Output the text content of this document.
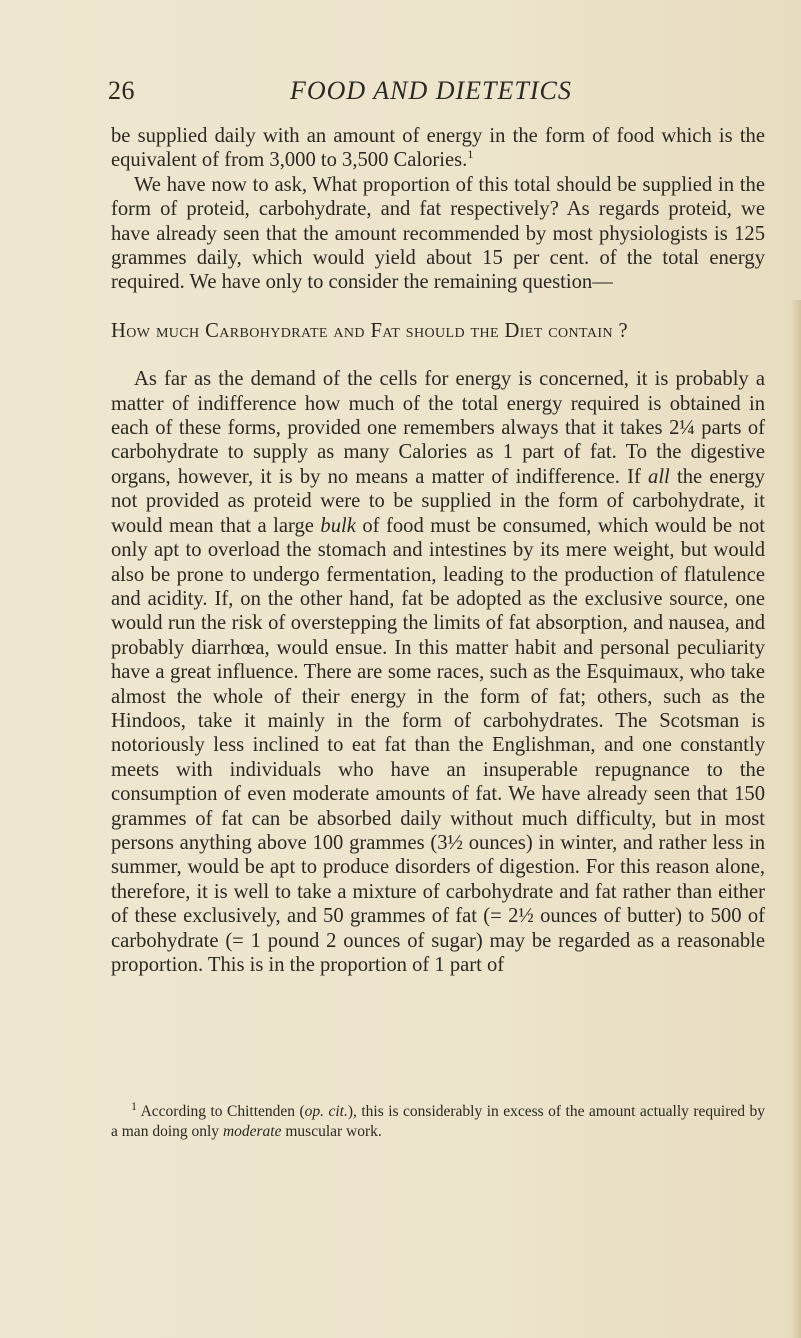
26	FOOD AND DIETETICS

be supplied daily with an amount of energy in the form of food which is the equivalent of from 3,000 to 3,500 Calories.$^1$

We have now to ask, What proportion of this total should be supplied in the form of proteid, carbohydrate, and fat respectively? As regards proteid, we have already seen that the amount recommended by most physiologists is 125 grammes daily, which would yield about 15 per cent. of the total energy required. We have only to consider the remaining question—

How much Carbohydrate and Fat should the Diet contain ?

As far as the demand of the cells for energy is concerned, it is probably a matter of indifference how much of the total energy required is obtained in each of these forms, provided one remembers always that it takes 2¼ parts of carbohydrate to supply as many Calories as 1 part of fat. To the digestive organs, however, it is by no means a matter of indifference. If all the energy not provided as proteid were to be supplied in the form of carbohydrate, it would mean that a large bulk of food must be consumed, which would be not only apt to overload the stomach and intestines by its mere weight, but would also be prone to undergo fermentation, leading to the production of flatulence and acidity. If, on the other hand, fat be adopted as the exclusive source, one would run the risk of overstepping the limits of fat absorption, and nausea, and probably diarrhœa, would ensue. In this matter habit and personal peculiarity have a great influence. There are some races, such as the Esquimaux, who take almost the whole of their energy in the form of fat; others, such as the Hindoos, take it mainly in the form of carbohydrates. The Scotsman is notoriously less inclined to eat fat than the Englishman, and one constantly meets with individuals who have an insuperable repugnance to the consumption of even moderate amounts of fat. We have already seen that 150 grammes of fat can be absorbed daily without much difficulty, but in most persons anything above 100 grammes (3½ ounces) in winter, and rather less in summer, would be apt to produce disorders of digestion. For this reason alone, therefore, it is well to take a mixture of carbohydrate and fat rather than either of these exclusively, and 50 grammes of fat (= 2½ ounces of butter) to 500 of carbohydrate (= 1 pound 2 ounces of sugar) may be regarded as a reasonable proportion. This is in the proportion of 1 part of

$^1$ According to Chittenden (op. cit.), this is considerably in excess of the amount actually required by a man doing only moderate muscular work.
